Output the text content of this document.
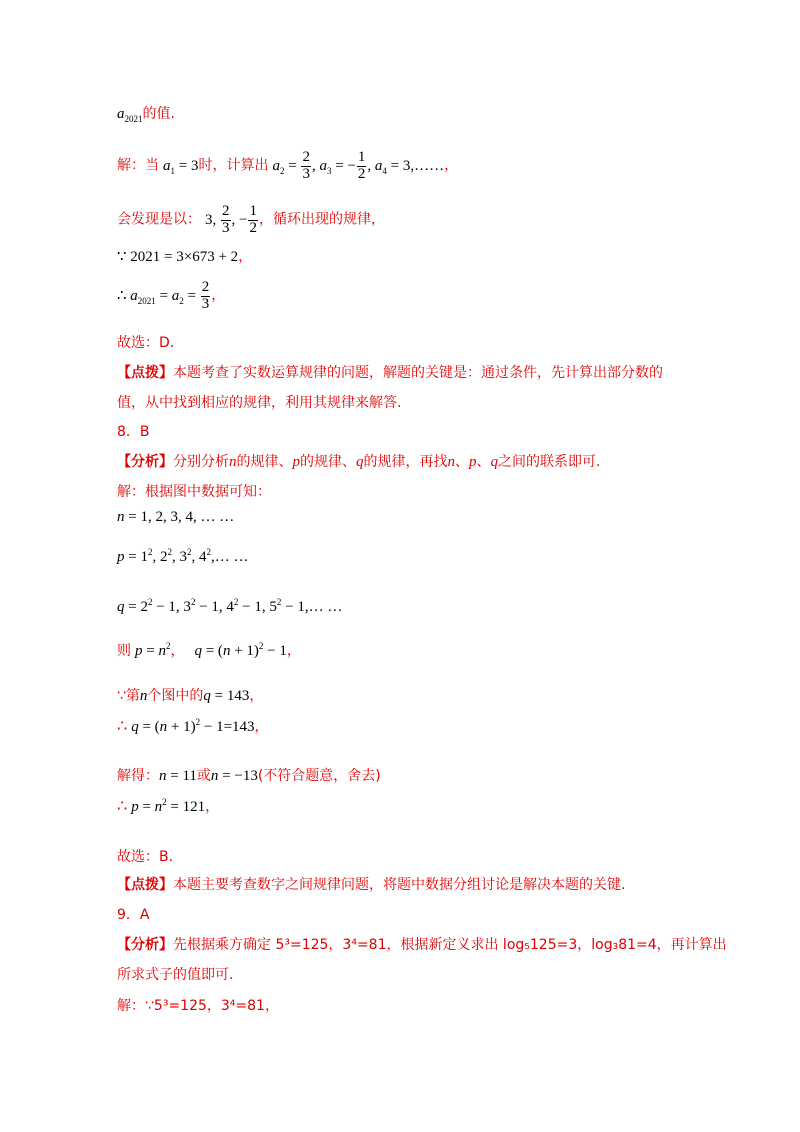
$a_{2021}$的值.
解：当 $a_1 = 3$时，计算出 $a_2 = \frac{2}{3}$ , $a_3$ = − $\frac{1}{2}$ , $a_4$ = 3,……，
会发现是以： 3, $\frac{2}{3}$ , − $\frac{1}{2}$ ，循环出现的规律，
∵ 2021 = 3×673 + 2，
∴ $a_{2021} = a_2 = \frac{2}{3}$ ，
故选：D.
【点拨】本题考查了实数运算规律的问题，解题的关键是：通过条件，先计算出部分数的
值，从中找到相应的规律，利用其规律来解答.
8．B
【分析】分别分析n的规律、p的规律、q的规律，再找n、p、q之间的联系即可.
解：根据图中数据可知：
n = 1, 2, 3, 4, … …
$p = 1^2$, $2^2$, $3^2$, $4^2,\dots$ …
$q = 2^2 - 1$, $3^2 - 1$, $4^2 - 1$, $5^2$ − 1,… …
则 $p = n^2$， $q = (n + 1)^2 - 1$，
∵第n个图中的q = 143，
∴ $q = (n + 1)^2 - 1=143$，
解得：n = 11或n = −13(不符合题意，舍去)
∴ $p = n^2 = 121$，
故选：B.
【点拨】本题主要考查数字之间规律问题，将题中数据分组讨论是解决本题的关键.
9．A
【分析】先根据乘方确定 5³=125，3⁴=81，根据新定义求出 log₅125=3，log₃81=4，再计算出
所求式子的值即可.
解：∵5³=125，3⁴=81，
